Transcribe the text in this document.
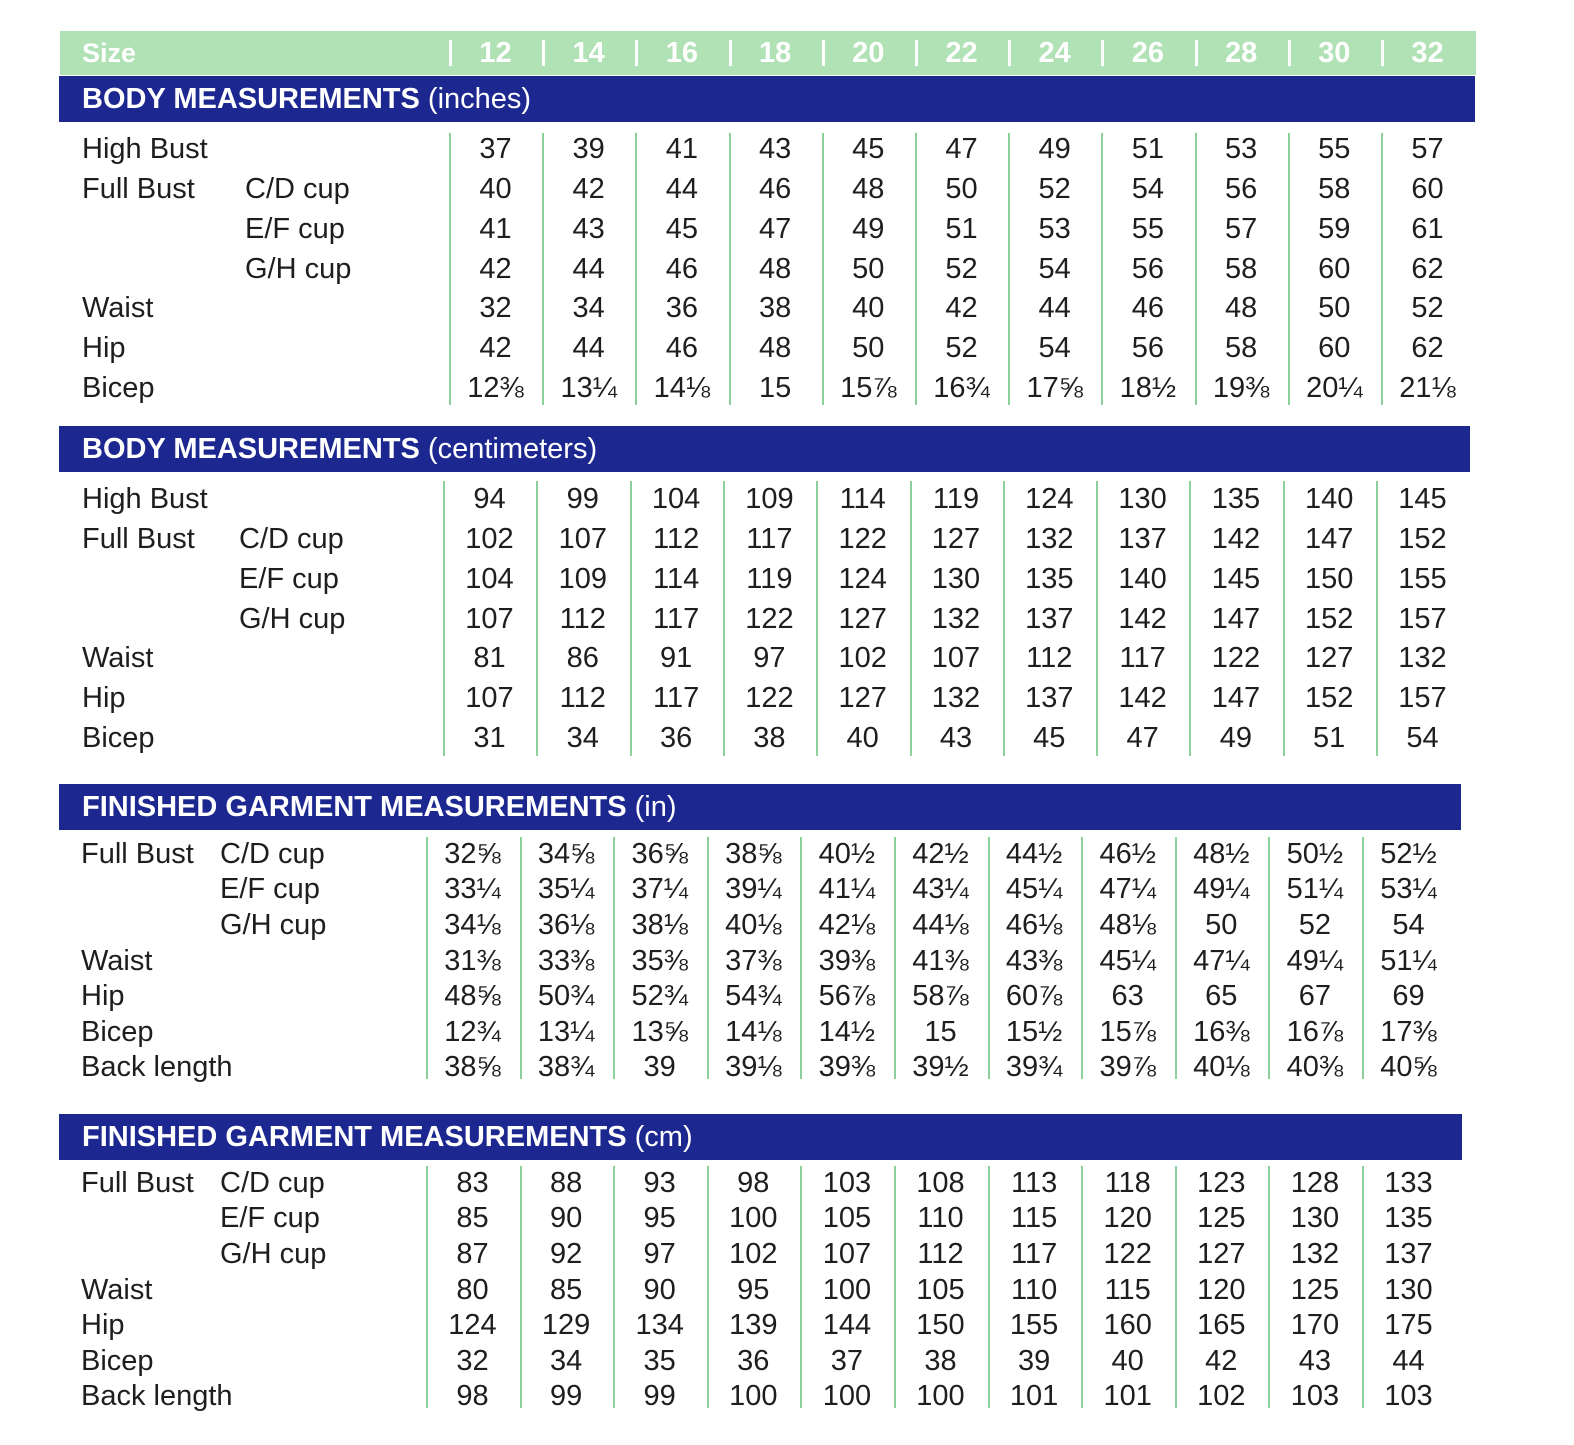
Size	12	14	16	18	20	22	24	26	28	30	32
BODY MEASUREMENTS (inches)
High Bust	37	39	41	43	45	47	49	51	53	55	57
Full Bust C/D cup	40	42	44	46	48	50	52	54	56	58	60
E/F cup	41	43	45	47	49	51	53	55	57	59	61
G/H cup	42	44	46	48	50	52	54	56	58	60	62
Waist	32	34	36	38	40	42	44	46	48	50	52
Hip	42	44	46	48	50	52	54	56	58	60	62
Bicep	12⅜	13¼	14⅛	15	15⅞	16¾	17⅝	18½	19⅜	20¼	21⅛
BODY MEASUREMENTS (centimeters)
High Bust	94	99	104	109	114	119	124	130	135	140	145
Full Bust C/D cup	102	107	112	117	122	127	132	137	142	147	152
E/F cup	104	109	114	119	124	130	135	140	145	150	155
G/H cup	107	112	117	122	127	132	137	142	147	152	157
Waist	81	86	91	97	102	107	112	117	122	127	132
Hip	107	112	117	122	127	132	137	142	147	152	157
Bicep	31	34	36	38	40	43	45	47	49	51	54
FINISHED GARMENT MEASUREMENTS (in)
Full Bust C/D cup	32⅝	34⅝	36⅝	38⅝	40½	42½	44½	46½	48½	50½	52½
E/F cup	33¼	35¼	37¼	39¼	41¼	43¼	45¼	47¼	49¼	51¼	53¼
G/H cup	34⅛	36⅛	38⅛	40⅛	42⅛	44⅛	46⅛	48⅛	50	52	54
Waist	31⅜	33⅜	35⅜	37⅜	39⅜	41⅜	43⅜	45¼	47¼	49¼	51¼
Hip	48⅝	50¾	52¾	54¾	56⅞	58⅞	60⅞	63	65	67	69
Bicep	12¾	13¼	13⅝	14⅛	14½	15	15½	15⅞	16⅜	16⅞	17⅜
Back length	38⅝	38¾	39	39⅛	39⅜	39½	39¾	39⅞	40⅛	40⅜	40⅝
FINISHED GARMENT MEASUREMENTS (cm)
Full Bust C/D cup	83	88	93	98	103	108	113	118	123	128	133
E/F cup	85	90	95	100	105	110	115	120	125	130	135
G/H cup	87	92	97	102	107	112	117	122	127	132	137
Waist	80	85	90	95	100	105	110	115	120	125	130
Hip	124	129	134	139	144	150	155	160	165	170	175
Bicep	32	34	35	36	37	38	39	40	42	43	44
Back length	98	99	99	100	100	100	101	101	102	103	103
